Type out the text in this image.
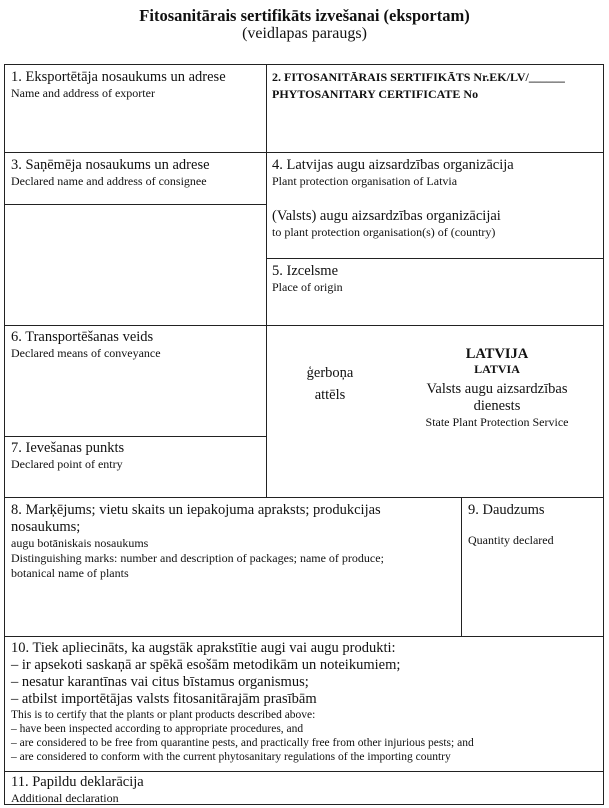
Fitosanitārais sertifikāts izvešanai (eksportam)
(veidlapas paraugs)
1. Eksportētāja nosaukums un adrese
Name and address of exporter
2. FITOSANITĀRAIS SERTIFIKĀTS Nr.EK/LV/______
PHYTOSANITARY CERTIFICATE No
3. Saņēmēja nosaukums un adrese
Declared name and address of consignee
4. Latvijas augu aizsardzības organizācija
Plant protection organisation of Latvia
(Valsts) augu aizsardzības organizācijai
to plant protection organisation(s) of (country)
5. Izcelsme
Place of origin
6. Transportēšanas veids
Declared means of conveyance
ģerboņa
attēls
LATVIJA
LATVIA
Valsts augu aizsardzības
dienests
State Plant Protection Service
7. Ievešanas punkts
Declared point of entry
8. Marķējums; vietu skaits un iepakojuma apraksts; produkcijas
nosaukums;
augu botāniskais nosaukums
Distinguishing marks: number and description of packages; name of produce;
botanical name of plants
9. Daudzums
Quantity declared
10. Tiek apliecināts, ka augstāk aprakstītie augi vai augu produkti:
– ir apsekoti saskaņā ar spēkā esošām metodikām un noteikumiem;
– nesatur karantīnas vai citus bīstamus organismus;
– atbilst importētājas valsts fitosanitārajām prasībām
This is to certify that the plants or plant products described above:
– have been inspected according to appropriate procedures, and
– are considered to be free from quarantine pests, and practically free from other injurious pests; and
– are considered to conform with the current phytosanitary regulations of the importing country
11. Papildu deklarācija
Additional declaration
